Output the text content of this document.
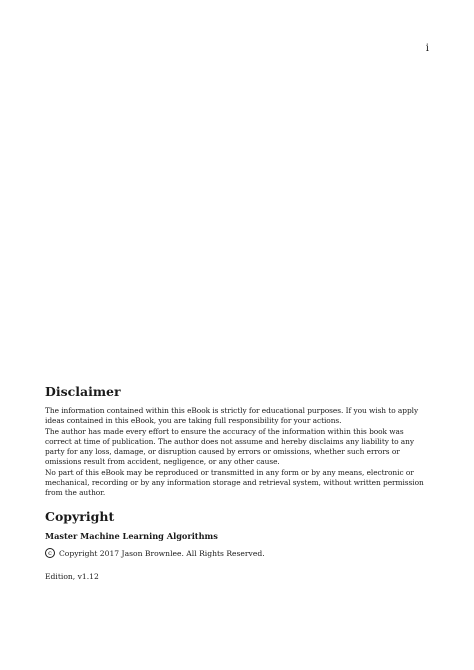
i
Disclaimer

The information contained within this eBook is strictly for educational purposes. If you wish to apply ideas contained in this eBook, you are taking full responsibility for your actions.

The author has made every effort to ensure the accuracy of the information within this book was correct at time of publication. The author does not assume and hereby disclaims any liability to any party for any loss, damage, or disruption caused by errors or omissions, whether such errors or omissions result from accident, negligence, or any other cause.

No part of this eBook may be reproduced or transmitted in any form or by any means, electronic or mechanical, recording or by any information storage and retrieval system, without written permission from the author.

Copyright
Master Machine Learning Algorithms
c Copyright 2017 Jason Brownlee. All Rights Reserved.
Edition, v1.12
